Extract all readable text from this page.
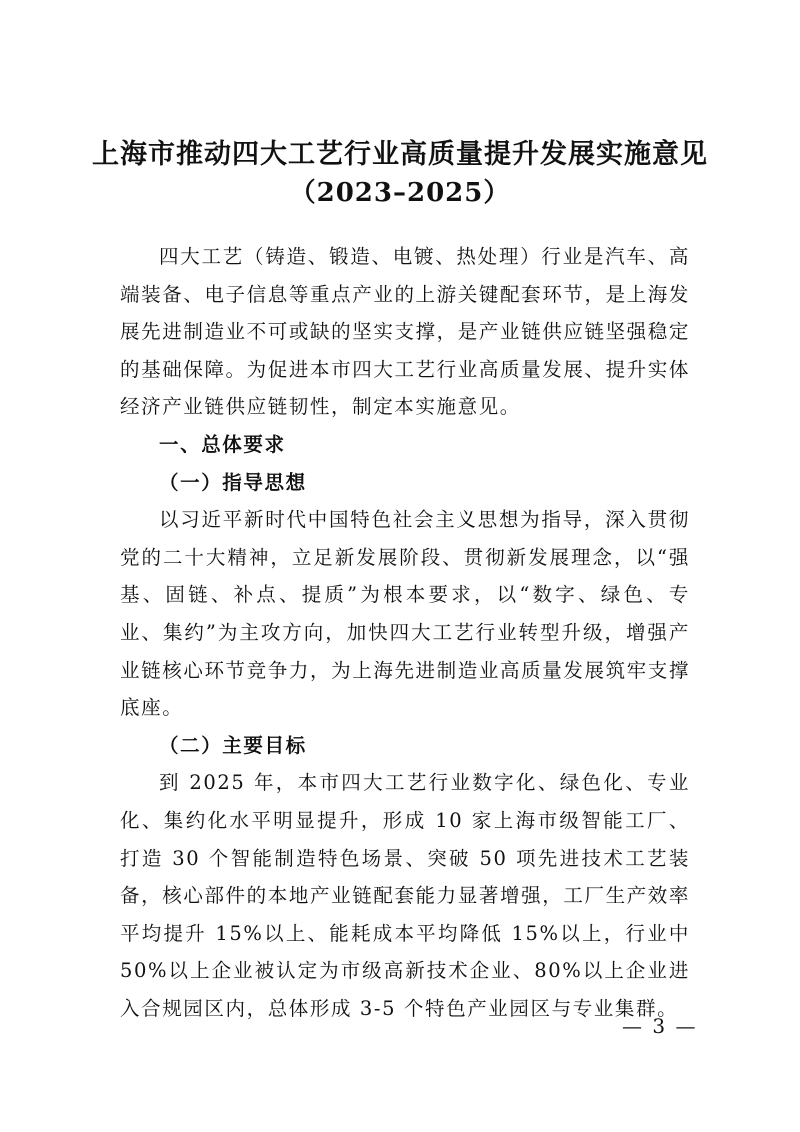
上海市推动四大工艺行业高质量提升发展实施意见
（2023–2025）

四大工艺（铸造、锻造、电镀、热处理）行业是汽车、高端装备、电子信息等重点产业的上游关键配套环节，是上海发展先进制造业不可或缺的坚实支撑，是产业链供应链坚强稳定的基础保障。为促进本市四大工艺行业高质量发展、提升实体经济产业链供应链韧性，制定本实施意见。

一、总体要求
（一）指导思想

以习近平新时代中国特色社会主义思想为指导，深入贯彻党的二十大精神，立足新发展阶段、贯彻新发展理念，以“强基、固链、补点、提质”为根本要求，以“数字、绿色、专业、集约”为主攻方向，加快四大工艺行业转型升级，增强产业链核心环节竞争力，为上海先进制造业高质量发展筑牢支撑底座。

（二）主要目标

到 2025 年，本市四大工艺行业数字化、绿色化、专业化、集约化水平明显提升，形成 10 家上海市级智能工厂、打造 30 个智能制造特色场景、突破 50 项先进技术工艺装备，核心部件的本地产业链配套能力显著增强，工厂生产效率平均提升 15%以上、能耗成本平均降低 15%以上，行业中 50%以上企业被认定为市级高新技术企业、80%以上企业进入合规园区内，总体形成 3-5 个特色产业园区与专业集群。

— 3 —
